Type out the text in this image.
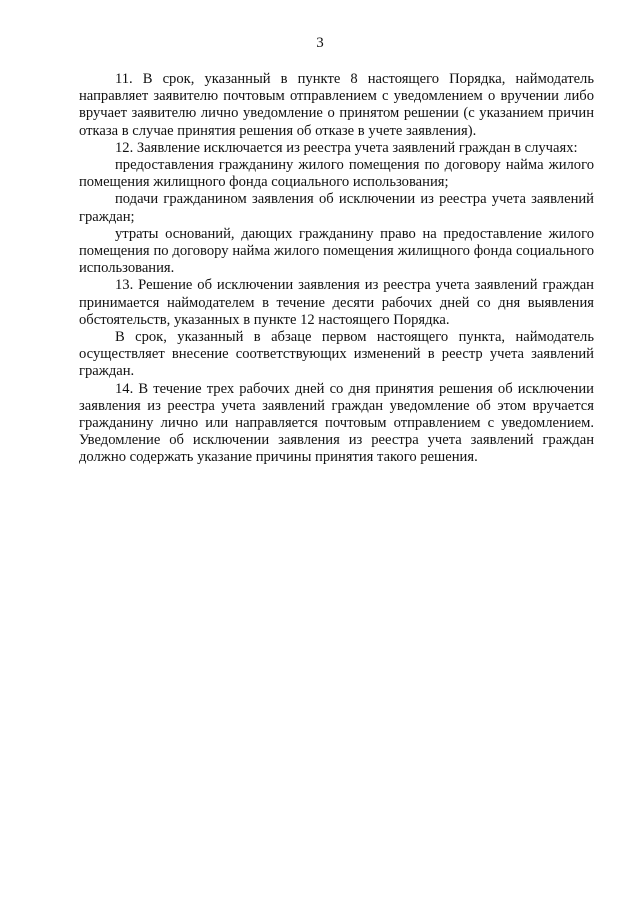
3

11. В срок, указанный в пункте 8 настоящего Порядка, наймодатель направляет заявителю почтовым отправлением с уведомлением о вручении либо вручает заявителю лично уведомление о принятом решении (с указанием причин отказа в случае принятия решения об отказе в учете заявления).

12. Заявление исключается из реестра учета заявлений граждан в случаях:

предоставления гражданину жилого помещения по договору найма жилого помещения жилищного фонда социального использования;

подачи гражданином заявления об исключении из реестра учета заявлений граждан;

утраты оснований, дающих гражданину право на предоставление жилого помещения по договору найма жилого помещения жилищного фонда социального использования.

13. Решение об исключении заявления из реестра учета заявлений граждан принимается наймодателем в течение десяти рабочих дней со дня выявления обстоятельств, указанных в пункте 12 настоящего Порядка.

В срок, указанный в абзаце первом настоящего пункта, наймодатель осуществляет внесение соответствующих изменений в реестр учета заявлений граждан.

14. В течение трех рабочих дней со дня принятия решения об исключении заявления из реестра учета заявлений граждан уведомление об этом вручается гражданину лично или направляется почтовым отправлением с уведомлением. Уведомление об исключении заявления из реестра учета заявлений граждан должно содержать указание причины принятия такого решения.
